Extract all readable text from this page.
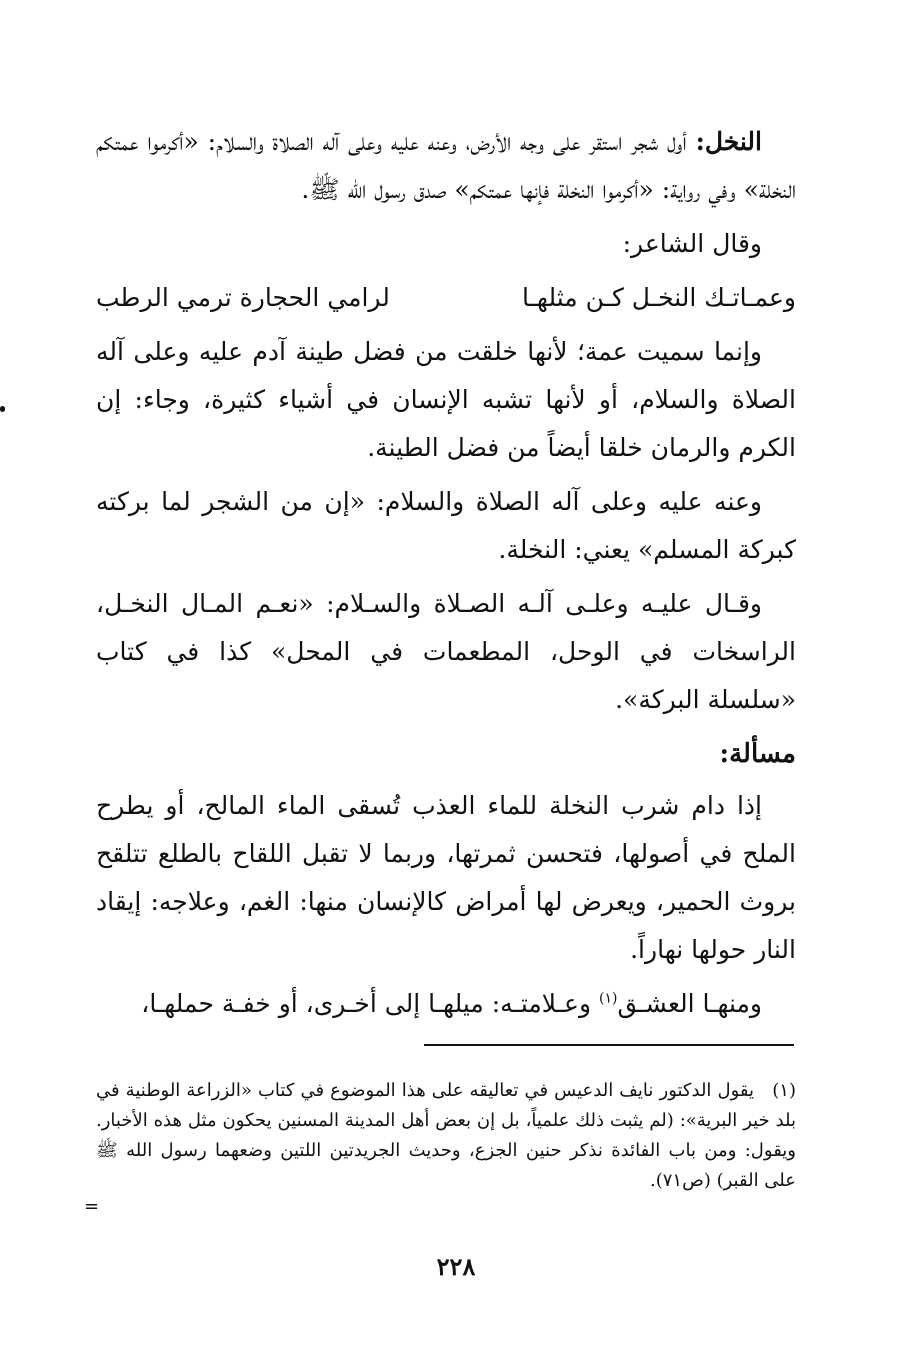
النخل: أول شجر استقر على وجه الأرض، وعنه عليه وعلى آله الصلاة والسلام: «أكرموا عمتكم النخلة» وفي رواية: «أكرموا النخلة فإنها عمتكم» صدق رسول الله ﷺ.

وقال الشاعر:

وعمـاتـك النخـل كـن مثلهـا
لرامي الحجارة ترمي الرطب

وإنما سميت عمة؛ لأنها خلقت من فضل طينة آدم عليه وعلى آله الصلاة والسلام، أو لأنها تشبه الإنسان في أشياء كثيرة، وجاء: إن الكرم والرمان خلقا أيضاً من فضل الطينة.

وعنه عليه وعلى آله الصلاة والسلام: «إن من الشجر لما بركته كبركة المسلم» يعني: النخلة.

وقـال عليـه وعلـى آلـه الصـلاة والسـلام: «نعـم المـال النخـل، الراسخات في الوحل، المطعمات في المحل» كذا في كتاب «سلسلة البركة».

مسألة:

إذا دام شرب النخلة للماء العذب تُسقى الماء المالح، أو يطرح الملح في أصولها، فتحسن ثمرتها، وربما لا تقبل اللقاح بالطلع تتلقح بروث الحمير، ويعرض لها أمراض كالإنسان منها: الغم، وعلاجه: إيقاد النار حولها نهاراً.

ومنهـا العشـق$^{(١)}$ وعـلامتـه: ميلهـا إلى أخـرى، أو خفـة حملهـا،

(١)يقول الدكتور نايف الدعيس في تعاليقه على هذا الموضوع في كتاب «الزراعة الوطنية في بلد خير البرية»: (لم يثبت ذلك علمياً، بل إن بعض أهل المدينة المسنين يحكون مثل هذه الأخبار. ويقول: ومن باب الفائدة نذكر حنين الجزع، وحديث الجريدتين اللتين وضعهما رسول الله ﷺ على القبر) (ص٧١).
=
٢٢٨
